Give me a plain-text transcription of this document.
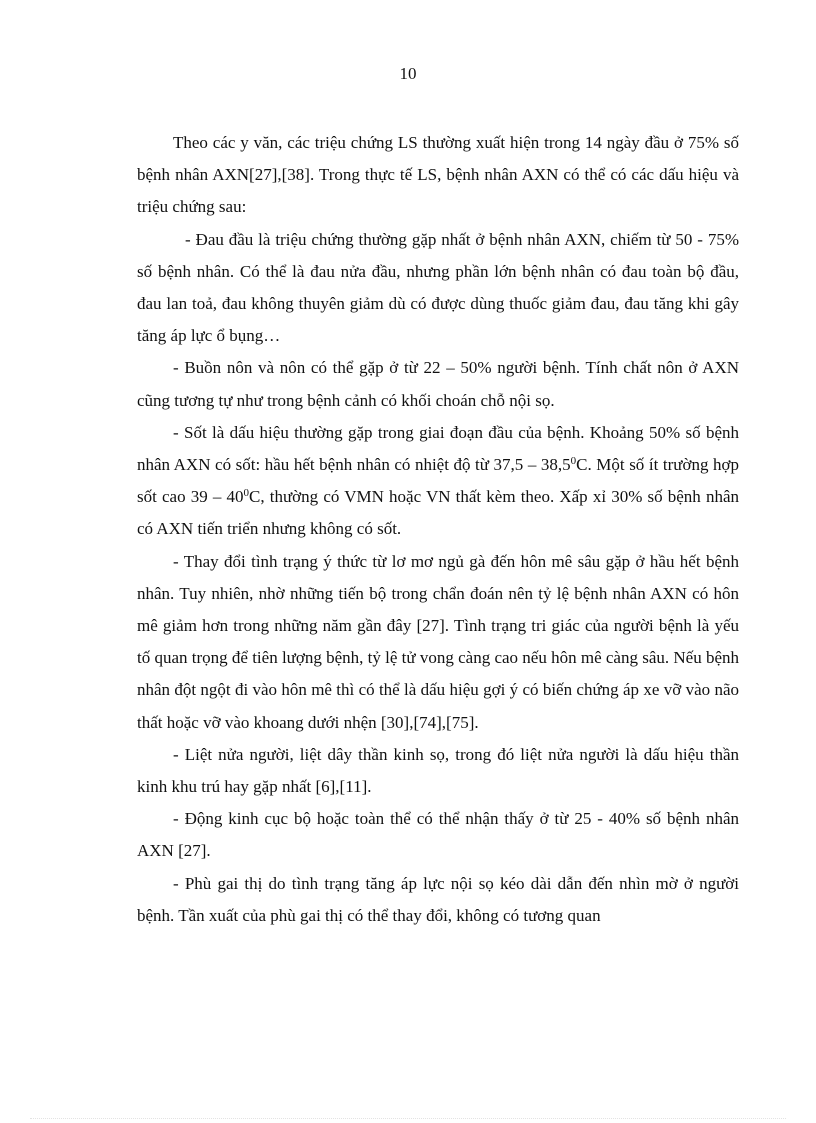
10

Theo các y văn, các triệu chứng LS thường xuất hiện trong 14 ngày đầu ở 75% số bệnh nhân AXN[27],[38]. Trong thực tế LS, bệnh nhân AXN có thể có các dấu hiệu và triệu chứng sau:

- Đau đầu là triệu chứng thường gặp nhất ở bệnh nhân AXN, chiếm từ 50 - 75% số bệnh nhân. Có thể là đau nửa đầu, nhưng phần lớn bệnh nhân có đau toàn bộ đầu, đau lan toả, đau không thuyên giảm dù có được dùng thuốc giảm đau, đau tăng khi gây tăng áp lực ổ bụng…

- Buồn nôn và nôn có thể gặp ở từ 22 – 50% người bệnh. Tính chất nôn ở AXN cũng tương tự như trong bệnh cảnh có khối choán chỗ nội sọ.

- Sốt là dấu hiệu thường gặp trong giai đoạn đầu của bệnh. Khoảng 50% số bệnh nhân AXN có sốt: hầu hết bệnh nhân có nhiệt độ từ 37,5 – 38,5$^0$C. Một số ít trường hợp sốt cao $39 - 40^0C$, thường có VMN hoặc VN thất kèm theo. Xấp xỉ 30% số bệnh nhân có AXN tiến triển nhưng không có sốt.

- Thay đổi tình trạng ý thức từ lơ mơ ngủ gà đến hôn mê sâu gặp ở hầu hết bệnh nhân. Tuy nhiên, nhờ những tiến bộ trong chẩn đoán nên tỷ lệ bệnh nhân AXN có hôn mê giảm hơn trong những năm gần đây [27]. Tình trạng tri giác của người bệnh là yếu tố quan trọng để tiên lượng bệnh, tỷ lệ tử vong càng cao nếu hôn mê càng sâu. Nếu bệnh nhân đột ngột đi vào hôn mê thì có thể là dấu hiệu gợi ý có biến chứng áp xe vỡ vào não thất hoặc vỡ vào khoang dưới nhện [30],[74],[75].

- Liệt nửa người, liệt dây thần kinh sọ, trong đó liệt nửa người là dấu hiệu thần kinh khu trú hay gặp nhất [6],[11].

- Động kinh cục bộ hoặc toàn thể có thể nhận thấy ở từ 25 - 40% số bệnh nhân AXN [27].

- Phù gai thị do tình trạng tăng áp lực nội sọ kéo dài dẫn đến nhìn mờ ở người bệnh. Tần xuất của phù gai thị có thể thay đổi, không có tương quan
